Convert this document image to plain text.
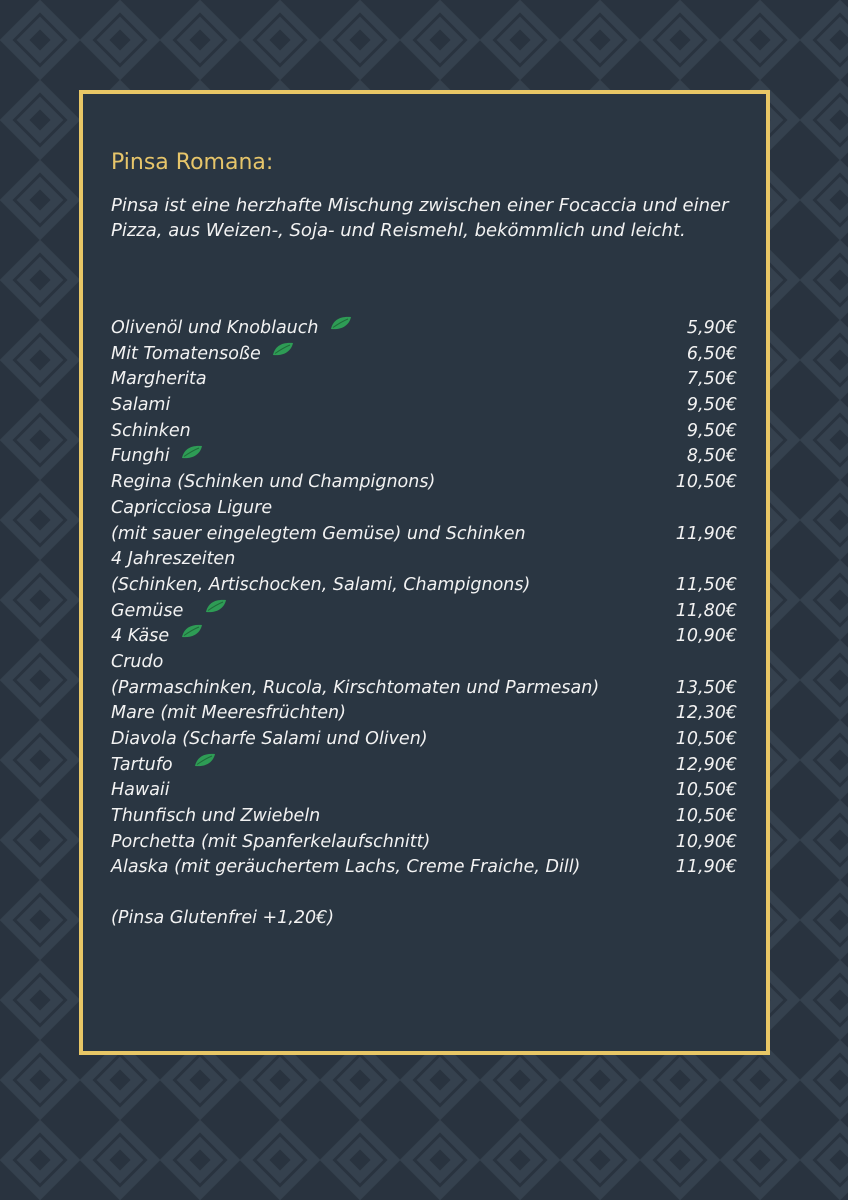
Pinsa Romana:

Pinsa ist eine herzhafte Mischung zwischen einer Focaccia und einer Pizza, aus Weizen-, Soja- und Reismehl, bekömmlich und leicht.

Olivenöl und Knoblauch	5,90€
Mit Tomatensoße	6,50€
Margherita	7,50€
Salami	9,50€
Schinken	9,50€
Funghi	8,50€
Regina (Schinken und Champignons)	10,50€
Capricciosa Ligure
(mit sauer eingelegtem Gemüse) und Schinken	11,90€
4 Jahreszeiten
(Schinken, Artischocken, Salami, Champignons)	11,50€
Gemüse	11,80€
4 Käse	10,90€
Crudo
(Parmaschinken, Rucola, Kirschtomaten und Parmesan)	13,50€
Mare (mit Meeresfrüchten)	12,30€
Diavola (Scharfe Salami und Oliven)	10,50€
Tartufo	12,90€
Hawaii	10,50€
Thunfisch und Zwiebeln	10,50€
Porchetta (mit Spanferkelaufschnitt)	10,90€
Alaska (mit geräuchertem Lachs, Creme Fraiche, Dill)	11,90€

(Pinsa Glutenfrei +1,20€)
